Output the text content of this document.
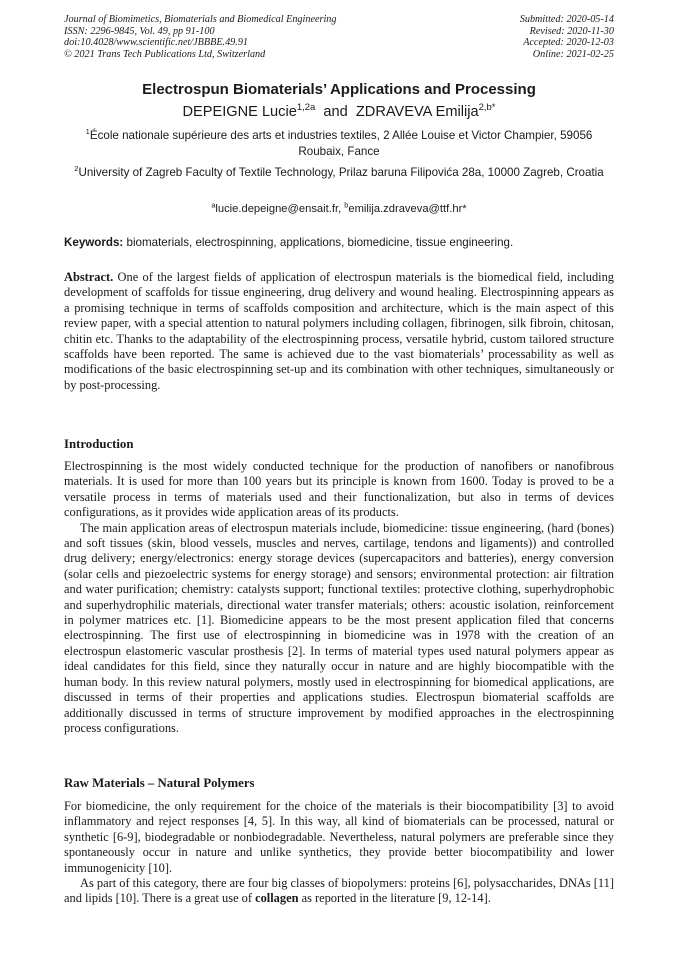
Journal of Biomimetics, Biomaterials and Biomedical Engineering
ISSN: 2296-9845, Vol. 49, pp 91-100
doi:10.4028/www.scientific.net/JBBBE.49.91
© 2021 Trans Tech Publications Ltd, Switzerland
Submitted: 2020-05-14
Revised: 2020-11-30
Accepted: 2020-12-03
Online: 2021-02-25
Electrospun Biomaterials’ Applications and Processing
DEPEIGNE Lucie$^{1,2a}$ and ZDRAVEVA Emilija$^{2,b*}$
$^1$École nationale supérieure des arts et industries textiles, 2 Allée Louise et Victor Champier, 59056 Roubaix, Fance
$^2$University of Zagreb Faculty of Textile Technology, Prilaz baruna Filipovića 28a, 10000 Zagreb, Croatia
$^a$lucie.depeigne@ensait.fr, $^b$emilija.zdraveva@ttf.hr*
Keywords: biomaterials, electrospinning, applications, biomedicine, tissue engineering.

Abstract. One of the largest fields of application of electrospun materials is the biomedical field, including development of scaffolds for tissue engineering, drug delivery and wound healing. Electrospinning appears as a promising technique in terms of scaffolds composition and architecture, which is the main aspect of this review paper, with a special attention to natural polymers including collagen, fibrinogen, silk fibroin, chitosan, chitin etc. Thanks to the adaptability of the electrospinning process, versatile hybrid, custom tailored structure scaffolds have been reported. The same is achieved due to the vast biomaterials’ processability as well as modifications of the basic electrospinning set-up and its combination with other techniques, simultaneously or by post-processing.

Introduction

Electrospinning is the most widely conducted technique for the production of nanofibers or nanofibrous materials. It is used for more than 100 years but its principle is known from 1600. Today is proved to be a versatile process in terms of materials used and their functionalization, but also in terms of devices configurations, as it provides wide application areas of its products.

The main application areas of electrospun materials include, biomedicine: tissue engineering, (hard (bones) and soft tissues (skin, blood vessels, muscles and nerves, cartilage, tendons and ligaments)) and controlled drug delivery; energy/electronics: energy storage devices (supercapacitors and batteries), energy conversion (solar cells and piezoelectric systems for energy storage) and sensors; environmental protection: air filtration and water purification; chemistry: catalysts support; functional textiles: protective clothing, superhydrophobic and superhydrophilic materials, directional water transfer materials; others: acoustic isolation, reinforcement in polymer matrices etc. [1]. Biomedicine appears to be the most present application filed that concerns electrospinning. The first use of electrospinning in biomedicine was in 1978 with the creation of an electrospun elastomeric vascular prosthesis [2]. In terms of material types used natural polymers appear as ideal candidates for this field, since they naturally occur in nature and are highly biocompatible with the human body. In this review natural polymers, mostly used in electrospinning for biomedical applications, are discussed in terms of their properties and applications studies. Electrospun biomaterial scaffolds are additionally discussed in terms of structure improvement by modified approaches in the electrospinning process configurations.

Raw Materials – Natural Polymers

For biomedicine, the only requirement for the choice of the materials is their biocompatibility [3] to avoid inflammatory and reject responses [4, 5]. In this way, all kind of biomaterials can be processed, natural or synthetic [6-9], biodegradable or nonbiodegradable. Nevertheless, natural polymers are preferable since they spontaneously occur in nature and unlike synthetics, they provide better biocompatibility and lower immunogenicity [10].

As part of this category, there are four big classes of biopolymers: proteins [6], polysaccharides, DNAs [11] and lipids [10]. There is a great use of collagen as reported in the literature [9, 12-14].
